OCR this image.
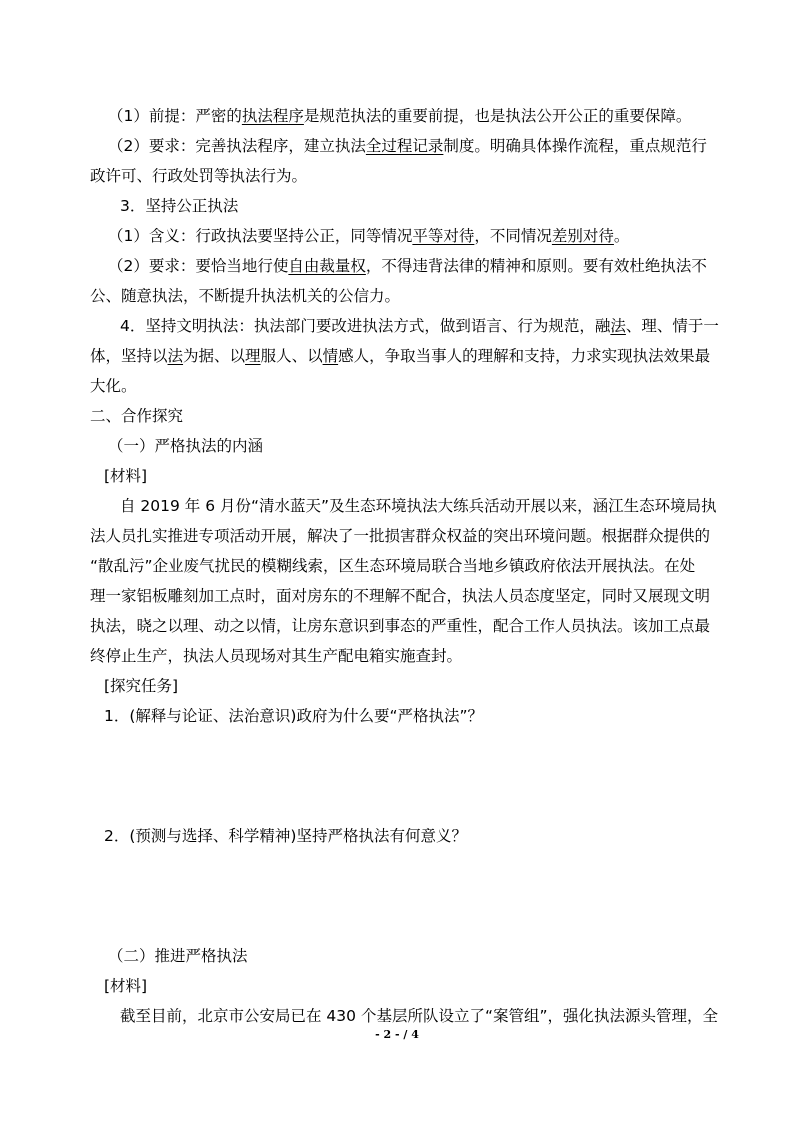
（1）前提：严密的执法程序是规范执法的重要前提，也是执法公开公正的重要保障。
（2）要求：完善执法程序，建立执法全过程记录制度。明确具体操作流程，重点规范行
政许可、行政处罚等执法行为。
3．坚持公正执法
（1）含义：行政执法要坚持公正，同等情况平等对待，不同情况差别对待。
（2）要求：要恰当地行使自由裁量权，不得违背法律的精神和原则。要有效杜绝执法不
公、随意执法，不断提升执法机关的公信力。
4．坚持文明执法：执法部门要改进执法方式，做到语言、行为规范，融法、理、情于一
体，坚持以法为据、以理服人、以情感人，争取当事人的理解和支持，力求实现执法效果最
大化。
二、合作探究
（一）严格执法的内涵
[材料]
自 2019 年 6 月份“清水蓝天”及生态环境执法大练兵活动开展以来，涵江生态环境局执
法人员扎实推进专项活动开展，解决了一批损害群众权益的突出环境问题。根据群众提供的
“散乱污”企业废气扰民的模糊线索，区生态环境局联合当地乡镇政府依法开展执法。在处
理一家铝板雕刻加工点时，面对房东的不理解不配合，执法人员态度坚定，同时又展现文明
执法，晓之以理、动之以情，让房东意识到事态的严重性，配合工作人员执法。该加工点最
终停止生产，执法人员现场对其生产配电箱实施查封。
[探究任务]
1．(解释与论证、法治意识)政府为什么要“严格执法”？
2．(预测与选择、科学精神)坚持严格执法有何意义？
（二）推进严格执法
[材料]
截至目前，北京市公安局已在 430 个基层所队设立了“案管组”，强化执法源头管理，全
- 2 - / 4
